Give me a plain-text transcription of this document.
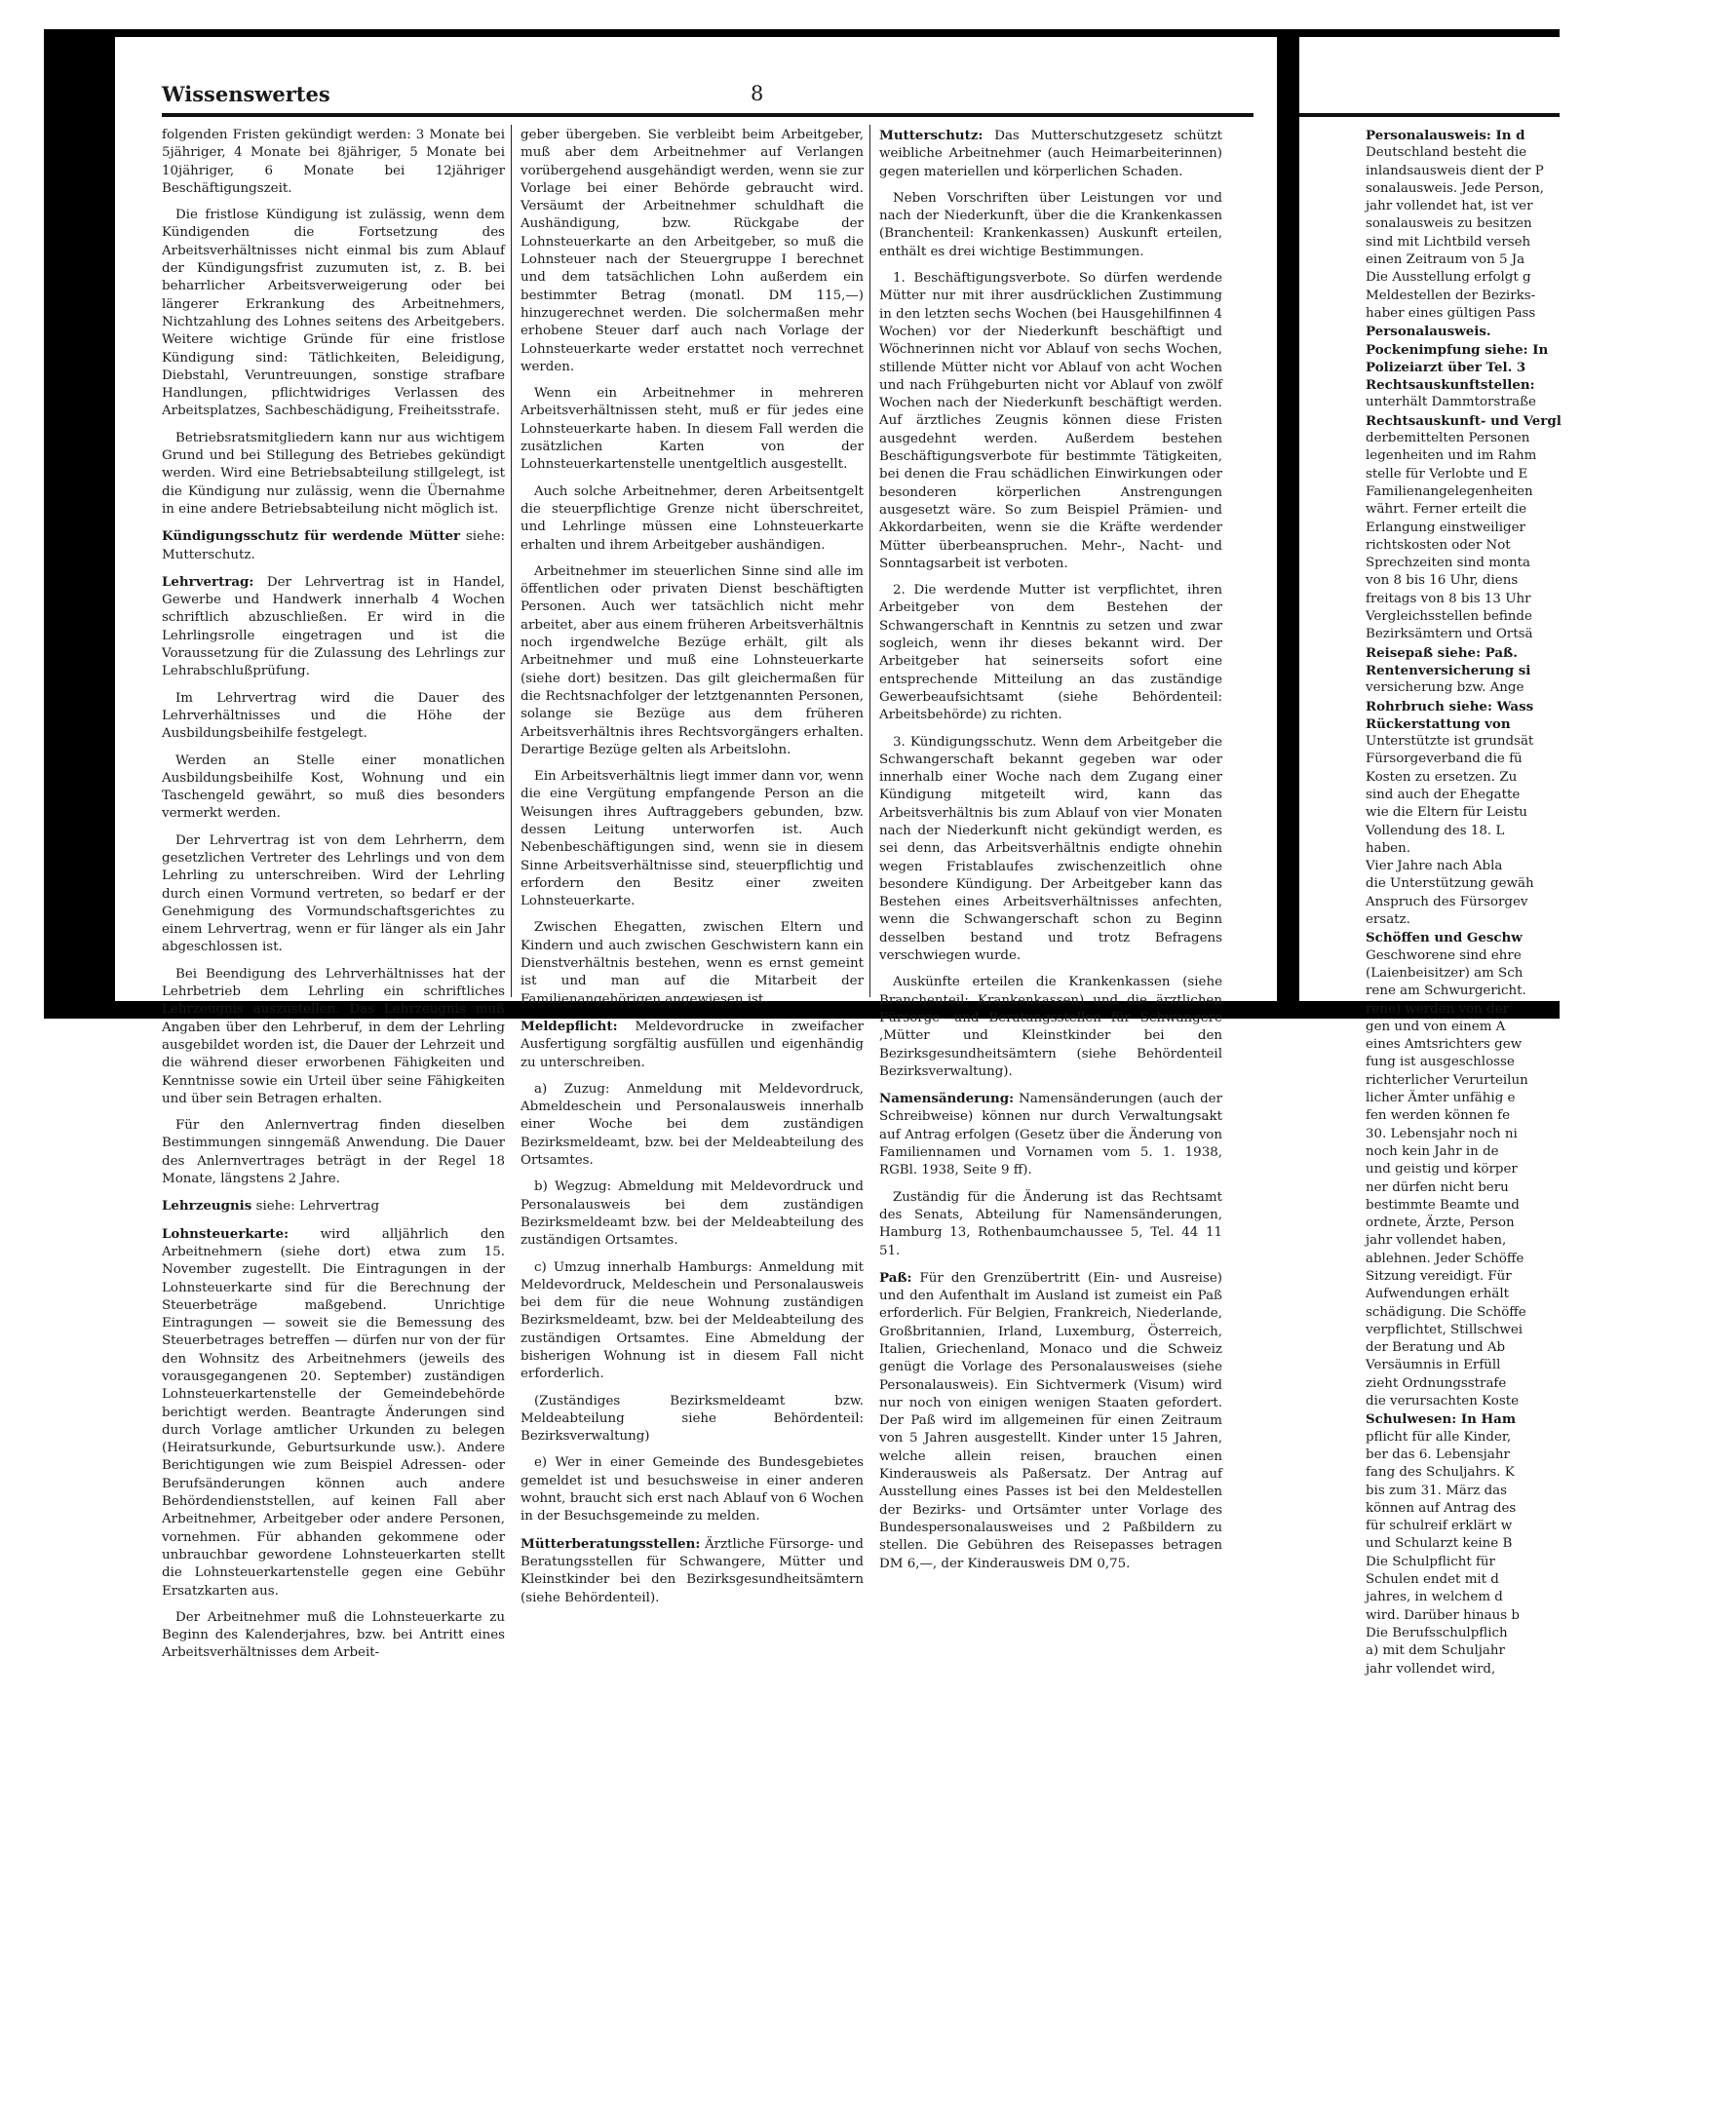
Wissenswertes	8

folgenden Fristen gekündigt werden: 3 Monate bei 5jähriger, 4 Monate bei 8jähriger, 5 Monate bei 10jähriger, 6 Monate bei 12jähriger Beschäftigungszeit.

Die fristlose Kündigung ist zulässig, wenn dem Kündigenden die Fortsetzung des Arbeitsverhältnisses nicht einmal bis zum Ablauf der Kündigungsfrist zuzumuten ist, z. B. bei beharrlicher Arbeitsverweigerung oder bei längerer Erkrankung des Arbeitnehmers, Nichtzahlung des Lohnes seitens des Arbeitgebers. Weitere wichtige Gründe für eine fristlose Kündigung sind: Tätlichkeiten, Beleidigung, Diebstahl, Veruntreuungen, sonstige strafbare Handlungen, pflichtwidriges Verlassen des Arbeitsplatzes, Sachbeschädigung, Freiheitsstrafe.

Betriebsratsmitgliedern kann nur aus wichtigem Grund und bei Stillegung des Betriebes gekündigt werden. Wird eine Betriebsabteilung stillgelegt, ist die Kündigung nur zulässig, wenn die Übernahme in eine andere Betriebsabteilung nicht möglich ist.

Kündigungsschutz für werdende Mütter siehe: Mutterschutz.

Lehrvertrag: Der Lehrvertrag ist in Handel, Gewerbe und Handwerk innerhalb 4 Wochen schriftlich abzuschließen. Er wird in die Lehrlingsrolle eingetragen und ist die Voraussetzung für die Zulassung des Lehrlings zur Lehrabschlußprüfung.

Im Lehrvertrag wird die Dauer des Lehrverhältnisses und die Höhe der Ausbildungsbeihilfe festgelegt.

Werden an Stelle einer monatlichen Ausbildungsbeihilfe Kost, Wohnung und ein Taschengeld gewährt, so muß dies besonders vermerkt werden.

Der Lehrvertrag ist von dem Lehrherrn, dem gesetzlichen Vertreter des Lehrlings und von dem Lehrling zu unterschreiben. Wird der Lehrling durch einen Vormund vertreten, so bedarf er der Genehmigung des Vormundschaftsgerichtes zu einem Lehrvertrag, wenn er für länger als ein Jahr abgeschlossen ist.

Bei Beendigung des Lehrverhältnisses hat der Lehrbetrieb dem Lehrling ein schriftliches Lehrzeugnis auszustellen. Das Lehrzeugnis muß Angaben über den Lehrberuf, in dem der Lehrling ausgebildet worden ist, die Dauer der Lehrzeit und die während dieser erworbenen Fähigkeiten und Kenntnisse sowie ein Urteil über seine Fähigkeiten und über sein Betragen erhalten.

Für den Anlernvertrag finden dieselben Bestimmungen sinngemäß Anwendung. Die Dauer des Anlernvertrages beträgt in der Regel 18 Monate, längstens 2 Jahre.

Lehrzeugnis siehe: Lehrvertrag

Lohnsteuerkarte: wird alljährlich den Arbeitnehmern (siehe dort) etwa zum 15. November zugestellt. Die Eintragungen in der Lohnsteuerkarte sind für die Berechnung der Steuerbeträge maßgebend. Unrichtige Eintragungen — soweit sie die Bemessung des Steuerbetrages betreffen — dürfen nur von der für den Wohnsitz des Arbeitnehmers (jeweils des vorausgegangenen 20. September) zuständigen Lohnsteuerkartenstelle der Gemeindebehörde berichtigt werden. Beantragte Änderungen sind durch Vorlage amtlicher Urkunden zu belegen (Heiratsurkunde, Geburtsurkunde usw.). Andere Berichtigungen wie zum Beispiel Adressen- oder Berufsänderungen können auch andere Behördendienststellen, auf keinen Fall aber Arbeitnehmer, Arbeitgeber oder andere Personen, vornehmen. Für abhanden gekommene oder unbrauchbar gewordene Lohnsteuerkarten stellt die Lohnsteuerkartenstelle gegen eine Gebühr Ersatzkarten aus.

Der Arbeitnehmer muß die Lohnsteuerkarte zu Beginn des Kalenderjahres, bzw. bei Antritt eines Arbeitsverhältnisses dem Arbeit-

geber übergeben. Sie verbleibt beim Arbeitgeber, muß aber dem Arbeitnehmer auf Verlangen vorübergehend ausgehändigt werden, wenn sie zur Vorlage bei einer Behörde gebraucht wird. Versäumt der Arbeitnehmer schuldhaft die Aushändigung, bzw. Rückgabe der Lohnsteuerkarte an den Arbeitgeber, so muß die Lohnsteuer nach der Steuergruppe I berechnet und dem tatsächlichen Lohn außerdem ein bestimmter Betrag (monatl. DM 115,—) hinzugerechnet werden. Die solchermaßen mehr erhobene Steuer darf auch nach Vorlage der Lohnsteuerkarte weder erstattet noch verrechnet werden.

Wenn ein Arbeitnehmer in mehreren Arbeitsverhältnissen steht, muß er für jedes eine Lohnsteuerkarte haben. In diesem Fall werden die zusätzlichen Karten von der Lohnsteuerkartenstelle unentgeltlich ausgestellt.

Auch solche Arbeitnehmer, deren Arbeitsentgelt die steuerpflichtige Grenze nicht überschreitet, und Lehrlinge müssen eine Lohnsteuerkarte erhalten und ihrem Arbeitgeber aushändigen.

Arbeitnehmer im steuerlichen Sinne sind alle im öffentlichen oder privaten Dienst beschäftigten Personen. Auch wer tatsächlich nicht mehr arbeitet, aber aus einem früheren Arbeitsverhältnis noch irgendwelche Bezüge erhält, gilt als Arbeitnehmer und muß eine Lohnsteuerkarte (siehe dort) besitzen. Das gilt gleichermaßen für die Rechtsnachfolger der letztgenannten Personen, solange sie Bezüge aus dem früheren Arbeitsverhältnis ihres Rechtsvorgängers erhalten. Derartige Bezüge gelten als Arbeitslohn.

Ein Arbeitsverhältnis liegt immer dann vor, wenn die eine Vergütung empfangende Person an die Weisungen ihres Auftraggebers gebunden, bzw. dessen Leitung unterworfen ist. Auch Nebenbeschäftigungen sind, wenn sie in diesem Sinne Arbeitsverhältnisse sind, steuerpflichtig und erfordern den Besitz einer zweiten Lohnsteuerkarte.

Zwischen Ehegatten, zwischen Eltern und Kindern und auch zwischen Geschwistern kann ein Dienstverhältnis bestehen, wenn es ernst gemeint ist und man auf die Mitarbeit der Familienangehörigen angewiesen ist.

Meldepflicht: Meldevordrucke in zweifacher Ausfertigung sorgfältig ausfüllen und eigenhändig zu unterschreiben.

a) Zuzug: Anmeldung mit Meldevordruck, Abmeldeschein und Personalausweis innerhalb einer Woche bei dem zuständigen Bezirksmeldeamt, bzw. bei der Meldeabteilung des Ortsamtes.

b) Wegzug: Abmeldung mit Meldevordruck und Personalausweis bei dem zuständigen Bezirksmeldeamt bzw. bei der Meldeabteilung des zuständigen Ortsamtes.

c) Umzug innerhalb Hamburgs: Anmeldung mit Meldevordruck, Meldeschein und Personalausweis bei dem für die neue Wohnung zuständigen Bezirksmeldeamt, bzw. bei der Meldeabteilung des zuständigen Ortsamtes. Eine Abmeldung der bisherigen Wohnung ist in diesem Fall nicht erforderlich.

(Zuständiges Bezirksmeldeamt bzw. Meldeabteilung siehe Behördenteil: Bezirksverwaltung)

e) Wer in einer Gemeinde des Bundesgebietes gemeldet ist und besuchsweise in einer anderen wohnt, braucht sich erst nach Ablauf von 6 Wochen in der Besuchsgemeinde zu melden.

Mütterberatungsstellen: Ärztliche Fürsorge- und Beratungsstellen für Schwangere, Mütter und Kleinstkinder bei den Bezirksgesundheitsämtern (siehe Behördenteil).

Mutterschutz: Das Mutterschutzgesetz schützt weibliche Arbeitnehmer (auch Heimarbeiterinnen) gegen materiellen und körperlichen Schaden.

Neben Vorschriften über Leistungen vor und nach der Niederkunft, über die die Krankenkassen (Branchenteil: Krankenkassen) Auskunft erteilen, enthält es drei wichtige Bestimmungen.

1. Beschäftigungsverbote. So dürfen werdende Mütter nur mit ihrer ausdrücklichen Zustimmung in den letzten sechs Wochen (bei Hausgehilfinnen 4 Wochen) vor der Niederkunft beschäftigt und Wöchnerinnen nicht vor Ablauf von sechs Wochen, stillende Mütter nicht vor Ablauf von acht Wochen und nach Frühgeburten nicht vor Ablauf von zwölf Wochen nach der Niederkunft beschäftigt werden. Auf ärztliches Zeugnis können diese Fristen ausgedehnt werden. Außerdem bestehen Beschäftigungsverbote für bestimmte Tätigkeiten, bei denen die Frau schädlichen Einwirkungen oder besonderen körperlichen Anstrengungen ausgesetzt wäre. So zum Beispiel Prämien- und Akkordarbeiten, wenn sie die Kräfte werdender Mütter überbeanspruchen. Mehr-, Nacht- und Sonntagsarbeit ist verboten.

2. Die werdende Mutter ist verpflichtet, ihren Arbeitgeber von dem Bestehen der Schwangerschaft in Kenntnis zu setzen und zwar sogleich, wenn ihr dieses bekannt wird. Der Arbeitgeber hat seinerseits sofort eine entsprechende Mitteilung an das zuständige Gewerbeaufsichtsamt (siehe Behördenteil: Arbeitsbehörde) zu richten.

3. Kündigungsschutz. Wenn dem Arbeitgeber die Schwangerschaft bekannt gegeben war oder innerhalb einer Woche nach dem Zugang einer Kündigung mitgeteilt wird, kann das Arbeitsverhältnis bis zum Ablauf von vier Monaten nach der Niederkunft nicht gekündigt werden, es sei denn, das Arbeitsverhältnis endigte ohnehin wegen Fristablaufes zwischenzeitlich ohne besondere Kündigung. Der Arbeitgeber kann das Bestehen eines Arbeitsverhältnisses anfechten, wenn die Schwangerschaft schon zu Beginn desselben bestand und trotz Befragens verschwiegen wurde.

Auskünfte erteilen die Krankenkassen (siehe Branchenteil: Krankenkassen) und die ärztlichen Fürsorge- und Beratungsstellen für Schwangere ,Mütter und Kleinstkinder bei den Bezirksgesundheitsämtern (siehe Behördenteil Bezirksverwaltung).

Namensänderung: Namensänderungen (auch der Schreibweise) können nur durch Verwaltungsakt auf Antrag erfolgen (Gesetz über die Änderung von Familiennamen und Vornamen vom 5. 1. 1938, RGBl. 1938, Seite 9 ff).

Zuständig für die Änderung ist das Rechtsamt des Senats, Abteilung für Namensänderungen, Hamburg 13, Rothenbaumchaussee 5, Tel. 44 11 51.

Paß: Für den Grenzübertritt (Ein- und Ausreise) und den Aufenthalt im Ausland ist zumeist ein Paß erforderlich. Für Belgien, Frankreich, Niederlande, Großbritannien, Irland, Luxemburg, Österreich, Italien, Griechenland, Monaco und die Schweiz genügt die Vorlage des Personalausweises (siehe Personalausweis). Ein Sichtvermerk (Visum) wird nur noch von einigen wenigen Staaten gefordert. Der Paß wird im allgemeinen für einen Zeitraum von 5 Jahren ausgestellt. Kinder unter 15 Jahren, welche allein reisen, brauchen einen Kinderausweis als Paßersatz. Der Antrag auf Ausstellung eines Passes ist bei den Meldestellen der Bezirks- und Ortsämter unter Vorlage des Bundespersonalausweises und 2 Paßbildern zu stellen. Die Gebühren des Reisepasses betragen DM 6,—, der Kinderausweis DM 0,75.

Personalausweis: In d
Deutschland besteht die
inlandsausweis dient der P
sonalausweis. Jede Person,
jahr vollendet hat, ist ver
sonalausweis zu besitzen
sind mit Lichtbild verseh
einen Zeitraum von 5 Ja
Die Ausstellung erfolgt g
Meldestellen der Bezirks-
haber eines gültigen Pass
Personalausweis.
Pockenimpfung siehe: In
Polizeiarzt über Tel. 3
Rechtsauskunftstellen:
unterhält Dammtorstraße
Rechtsauskunft- und Vergl
derbemittelten Personen
legenheiten und im Rahm
stelle für Verlobte und E
Familienangelegenheiten
währt. Ferner erteilt die
Erlangung einstweiliger
richtskosten oder Not
Sprechzeiten sind monta
von 8 bis 16 Uhr, diens
freitags von 8 bis 13 Uhr
Vergleichsstellen befinde
Bezirksämtern und Ortsä
Reisepaß siehe: Paß.
Rentenversicherung si
versicherung bzw. Ange
Rohrbruch siehe: Wass
Rückerstattung von
Unterstützte ist grundsät
Fürsorgeverband die fü
Kosten zu ersetzen. Zu
sind auch der Ehegatte
wie die Eltern für Leistu
Vollendung des 18. L
haben.
Vier Jahre nach Abla
die Unterstützung gewäh
Anspruch des Fürsorgev
ersatz.
Schöffen und Geschw
Geschworene sind ehre
(Laienbeisitzer) am Sch
rene am Schwurgericht.
rene) werden von der
gen und von einem A
eines Amtsrichters gew
fung ist ausgeschlosse
richterlicher Verurteilun
licher Ämter unfähig e
fen werden können fe
30. Lebensjahr noch ni
noch kein Jahr in de
und geistig und körper
ner dürfen nicht beru
bestimmte Beamte und
ordnete, Ärzte, Person
jahr vollendet haben,
ablehnen. Jeder Schöffe
Sitzung vereidigt. Für
Aufwendungen erhält
schädigung. Die Schöffe
verpflichtet, Stillschwei
der Beratung und Ab
Versäumnis in Erfüll
zieht Ordnungsstrafe
die verursachten Koste
Schulwesen: In Ham
pflicht für alle Kinder,
ber das 6. Lebensjahr
fang des Schuljahrs. K
bis zum 31. März das
können auf Antrag des
für schulreif erklärt w
und Schularzt keine B
Die Schulpflicht für
Schulen endet mit d
jahres, in welchem d
wird. Darüber hinaus b
Die Berufsschulpflich
a) mit dem Schuljahr
jahr vollendet wird,
